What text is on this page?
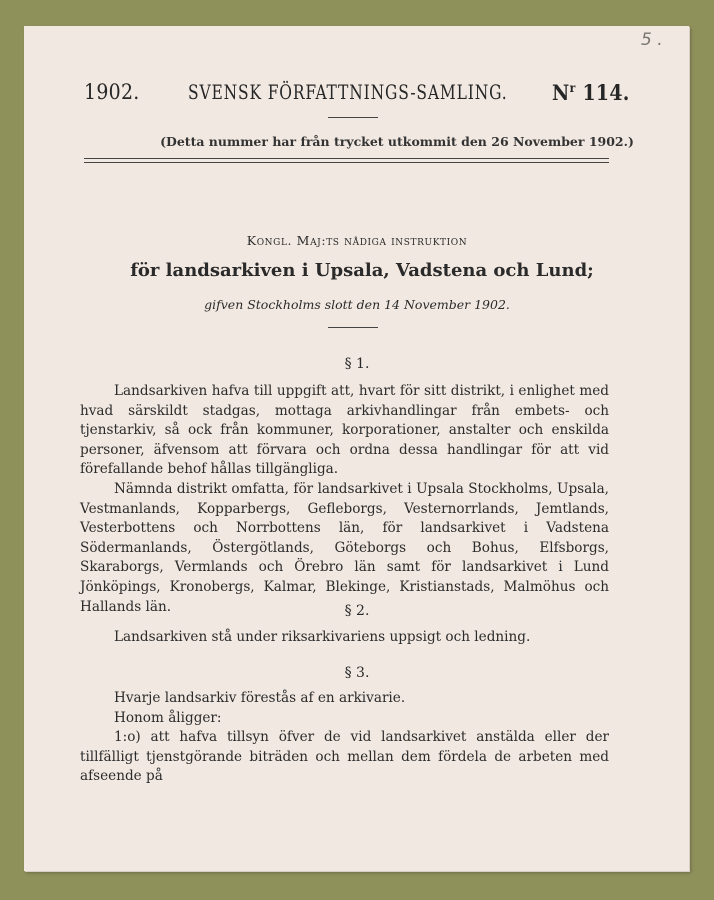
5 .
1902. SVENSK FÖRFATTNINGS-SAMLING. $N^r$ 114.
(Detta nummer har från trycket utkommit den 26 November 1902.)
Kongl. Maj:ts nådiga instruktion
för landsarkiven i Upsala, Vadstena och Lund;
gifven Stockholms slott den 14 November 1902.
§ 1.

Landsarkiven hafva till uppgift att, hvart för sitt distrikt, i enlighet med hvad särskildt stadgas, mottaga arkivhandlingar från embets- och tjenstarkiv, så ock från kommuner, korporationer, anstalter och enskilda personer, äfvensom att förvara och ordna dessa handlingar för att vid förefallande behof hållas tillgängliga.

Nämnda distrikt omfatta, för landsarkivet i Upsala Stockholms, Upsala, Vestmanlands, Kopparbergs, Gefleborgs, Vesternorrlands, Jemtlands, Vesterbottens och Norrbottens län, för landsarkivet i Vadstena Södermanlands, Östergötlands, Göteborgs och Bohus, Elfsborgs, Skaraborgs, Vermlands och Örebro län samt för landsarkivet i Lund Jönköpings, Kronobergs, Kalmar, Blekinge, Kristianstads, Malmöhus och Hallands län.	§ 2.

Landsarkiven stå under riksarkivariens uppsigt och ledning.

§ 3.

Hvarje landsarkiv förestås af en arkivarie.

Honom åligger:

1:o) att hafva tillsyn öfver de vid landsarkivet anstälda eller der tillfälligt tjenstgörande biträden och mellan dem fördela de arbeten med afseende på
